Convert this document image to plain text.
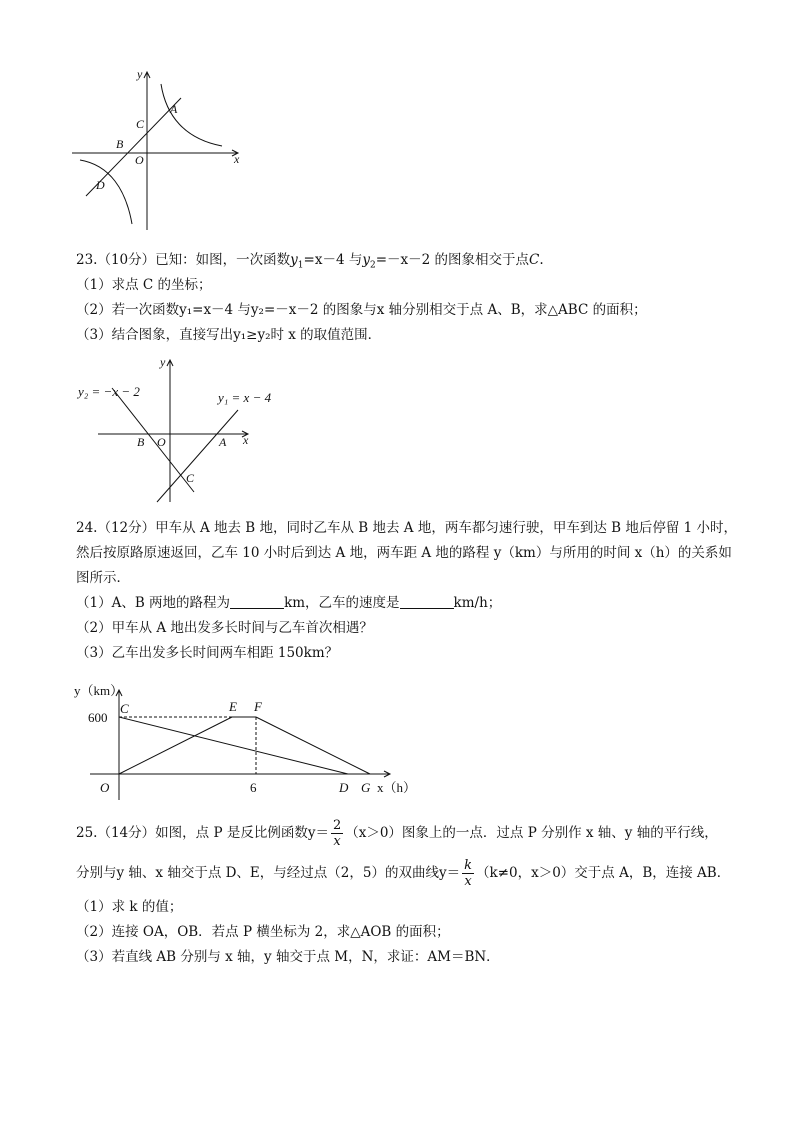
y
x
A
C
B
O
D
23.（10分）已知：如图，一次函数$y_1=x-4$ 与$y_2=-x-2$ 的图象相交于点C.
（1）求点 C 的坐标；
（2）若一次函数y₁=x－4 与y₂=－x－2 的图象与x 轴分别相交于点 A、B，求△ABC 的面积；
（3）结合图象，直接写出y₁≥y₂时 x 的取值范围．
y
x
y₂ = −x − 2	y₁ = x − 4
B O	A
C
24.（12分）甲车从 A 地去 B 地，同时乙车从 B 地去 A 地，两车都匀速行驶，甲车到达 B 地后停留 1 小时，
然后按原路原速返回，乙车 10 小时后到达 A 地，两车距 A 地的路程 y（km）与所用的时间 x（h）的关系如
图所示．
（1）A、B 两地的路程为	km，乙车的速度是	km/h；
（2）甲车从 A 地出发多长时间与乙车首次相遇？
（3）乙车出发多长时间两车相距 150km？
y（km）
600
C	E F
O	6	D G x（h）
25.（14分）如图，点 P 是反比例函数$y= \frac{2}{x} (x>0)$图象上的一点．过点 P 分别作 x 轴、y 轴的平行线，
分别与y 轴、x 轴交于点 D、E，与经过点（2，5）的双曲线$y= \frac{k}{x} (k\ne 0$，x＞0）交于点 A，B，连接 AB．
（1）求 k 的值；
（2）连接 OA，OB．若点 P 横坐标为 2，求△AOB 的面积；
（3）若直线 AB 分别与 x 轴，y 轴交于点 M，N，求证：AM＝BN．
